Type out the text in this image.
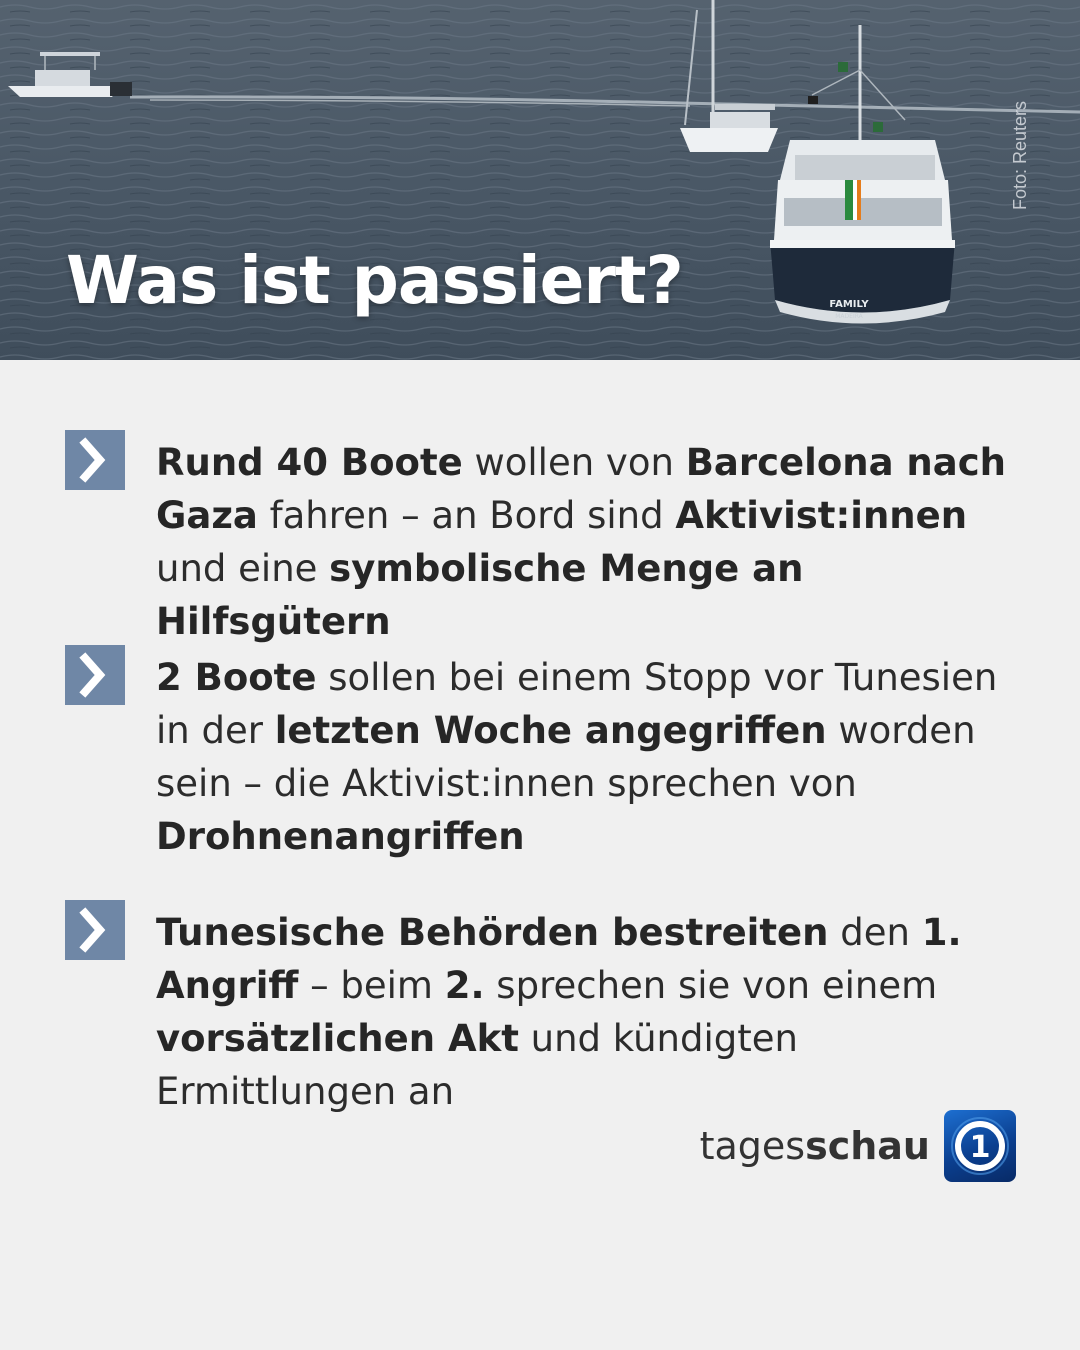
FAMILY
MADEIRA
Foto: Reuters
Was ist passiert?

Rund 40 Boote wollen von Barcelona nach Gaza fahren – an Bord sind Aktivist:innen und eine symbolische Menge an Hilfsgütern

2 Boote sollen bei einem Stopp vor Tunesien in der letzten Woche angegriffen worden sein – die Aktivist:innen sprechen von Drohnenangriffen

Tunesische Behörden bestreiten den 1. Angriff – beim 2. sprechen sie von einem vorsätzlichen Akt und kündigten Ermittlungen an

tagesschau 1
